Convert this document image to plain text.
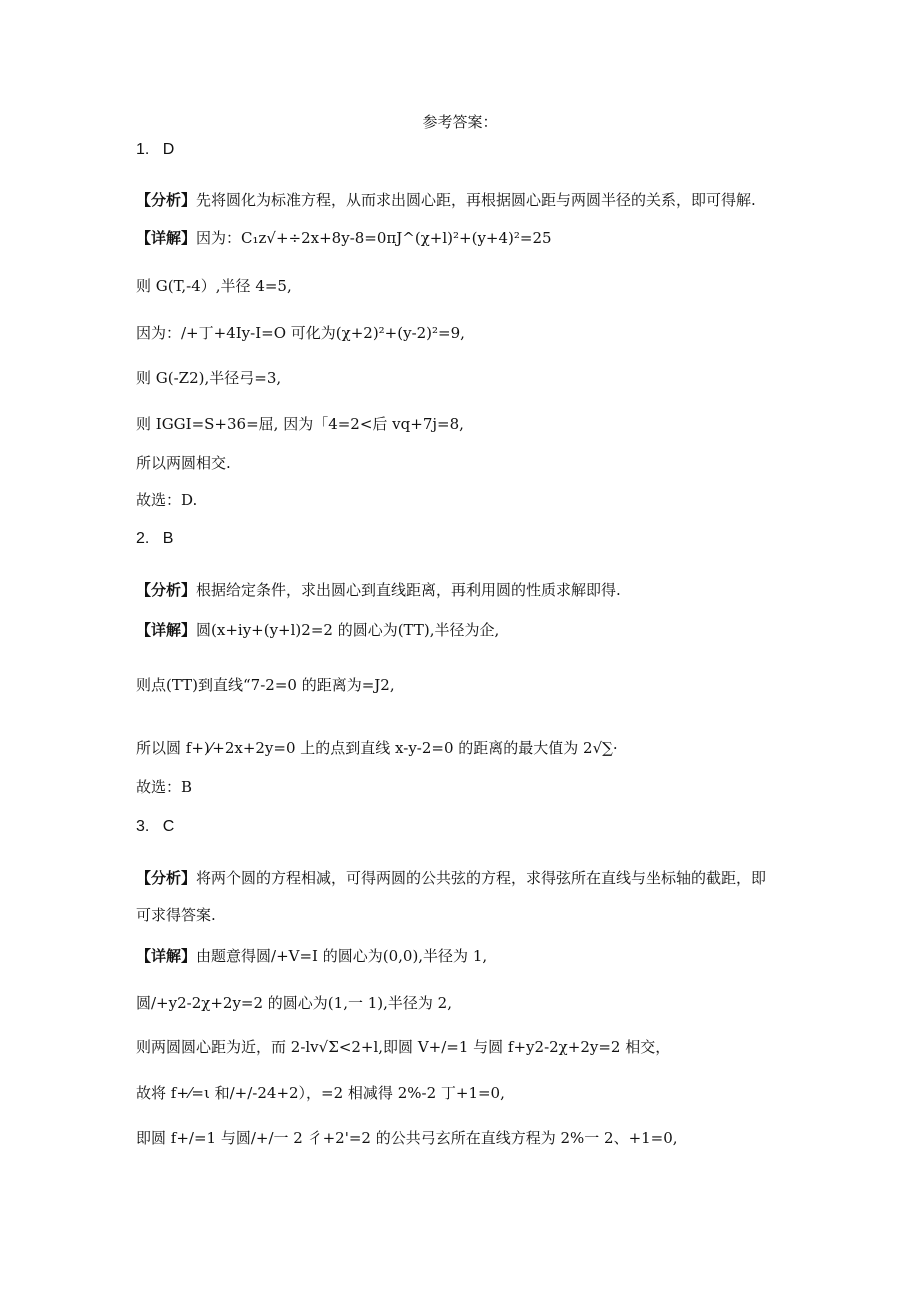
参考答案：
1. D
【分析】先将圆化为标准方程，从而求出圆心距，再根据圆心距与两圆半径的关系，即可得解.
【详解】因为：C₁z√+÷2x+8y-8=0πJ^(χ+l)²+(y+4)²=25
则 G(T,-4）,半径 4=5,
因为：/+丁+4Iy-I=O 可化为(χ+2)²+(y-2)²=9,
则 G(-Z2),半径弓=3,
则 IGGI=S+36=屈, 因为「4=2<后 vq+7j=8,
所以两圆相交.
故选：D.
2. B
【分析】根据给定条件，求出圆心到直线距离，再利用圆的性质求解即得.
【详解】圆(x+iy+(y+l)2=2 的圆心为(TT),半径为企,
则点(TT)到直线“7-2=0 的距离为=J2,
所以圆 f+)⁄+2x+2y=0 上的点到直线 x-y-2=0 的距离的最大值为 2√∑·
故选：B
3. C
【分析】将两个圆的方程相减，可得两圆的公共弦的方程，求得弦所在直线与坐标轴的截距，即
可求得答案.
【详解】由题意得圆/+V=I 的圆心为(0,0),半径为 1,
圆/+y2-2χ+2y=2 的圆心为(1,一 1),半径为 2,
则两圆圆心距为近，而 2-lv√Σ<2+l,即圆 V+/=1 与圆 f+y2-2χ+2y=2 相交，
故将 f+⁄=ι 和/+/-24+2），=2 相减得 2%-2 丁+1=0,
即圆 f+/=1 与圆/+/一 2 彳+2'=2 的公共弓玄所在直线方程为 2%一 2、+1=0,
